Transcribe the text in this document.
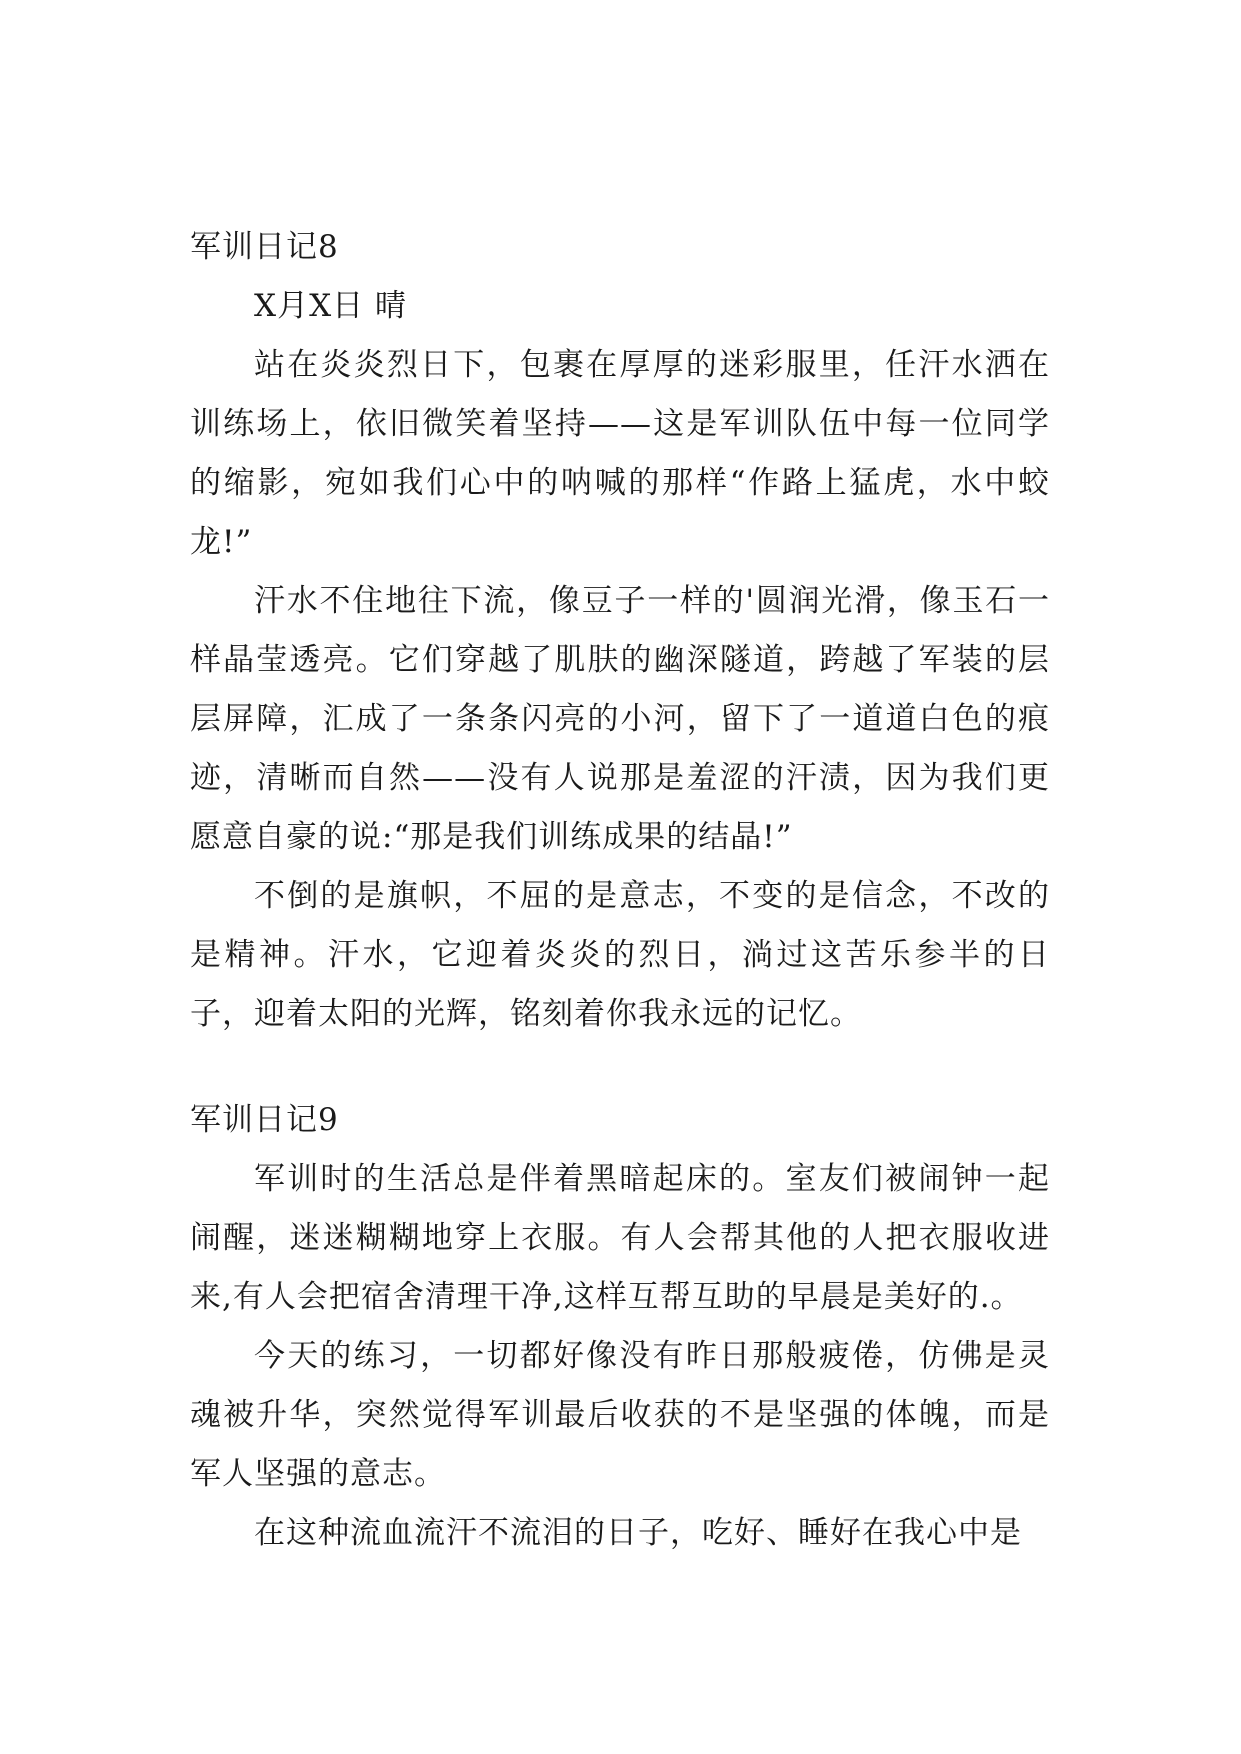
军训日记8

X月X日 晴

站在炎炎烈日下，包裹在厚厚的迷彩服里，任汗水洒在训练场上，依旧微笑着坚持——这是军训队伍中每一位同学的缩影，宛如我们心中的呐喊的那样“作路上猛虎，水中蛟龙!”

汗水不住地往下流，像豆子一样的'圆润光滑，像玉石一样晶莹透亮。它们穿越了肌肤的幽深隧道，跨越了军装的层层屏障，汇成了一条条闪亮的小河，留下了一道道白色的痕迹，清晰而自然——没有人说那是羞涩的汗渍，因为我们更愿意自豪的说:“那是我们训练成果的结晶!”

不倒的是旗帜，不屈的是意志，不变的是信念，不改的是精神。汗水，它迎着炎炎的烈日，淌过这苦乐参半的日子，迎着太阳的光辉，铭刻着你我永远的记忆。

军训日记9

军训时的生活总是伴着黑暗起床的。室友们被闹钟一起闹醒，迷迷糊糊地穿上衣服。有人会帮其他的人把衣服收进来,有人会把宿舍清理干净,这样互帮互助的早晨是美好的.。

今天的练习，一切都好像没有昨日那般疲倦，仿佛是灵魂被升华，突然觉得军训最后收获的不是坚强的体魄，而是军人坚强的意志。

在这种流血流汗不流泪的日子，吃好、睡好在我心中是
